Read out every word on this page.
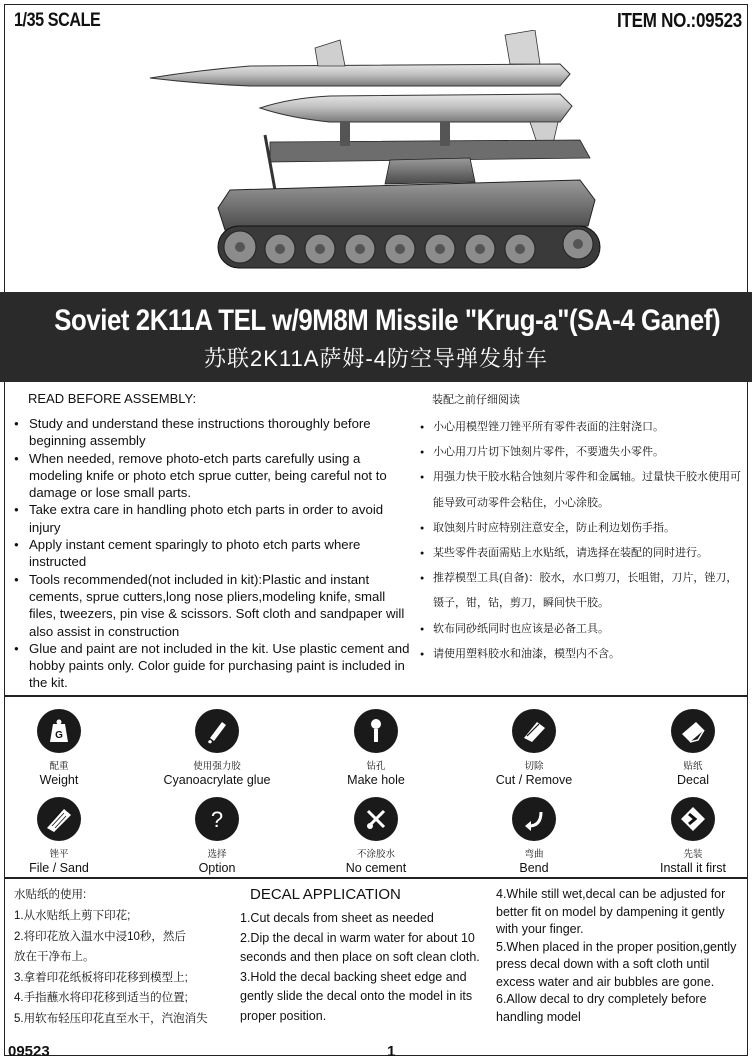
1/35 SCALE	ITEM NO.:09523
Soviet 2K11A TEL w/9M8M Missile "Krug-a"(SA-4 Ganef)
苏联2K11A萨姆-4防空导弹发射车
READ BEFORE ASSEMBLY:
● Study and understand these instructions thoroughly before beginning assembly
● When needed, remove photo-etch parts carefully using a modeling knife or photo etch sprue cutter, being careful not to damage or lose small parts.
● Take extra care in handling photo etch parts in order to avoid injury
● Apply instant cement sparingly to photo etch parts where instructed
● Tools recommended(not included in kit):Plastic and instant cements, sprue cutters,long nose pliers,modeling knife, small files, tweezers, pin vise & scissors. Soft cloth and sandpaper will also assist in construction
● Glue and paint are not included in the kit. Use plastic cement and hobby paints only. Color guide for purchasing paint is included in the kit.
装配之前仔细阅读
● 小心用模型锉刀锉平所有零件表面的注射浇口。
● 小心用刀片切下蚀刻片零件，不要遗失小零件。
● 用强力快干胶水粘合蚀刻片零件和金属轴。过量快干胶水使用可能导致可动零件会粘住，小心涂胶。
● 取蚀刻片时应特别注意安全，防止利边划伤手指。
● 某些零件表面需贴上水贴纸，请选择在装配的同时进行。
● 推荐模型工具(自备)：胶水，水口剪刀，长咀钳，刀片，锉刀，镊子，钳，钻，剪刀，瞬间快干胶。
● 软布同砂纸同时也应该是必备工具。
● 请使用塑料胶水和油漆，模型内不含。
G
配重
Weight
使用强力胶
Cyanoacrylate glue
钻孔
Make hole
切除
Cut / Remove
贴纸
Decal
锉平
File / Sand
?
选择
Option
不涂胶水
No cement
弯曲
Bend
先装
Install it first
水贴纸的使用:

1.从水贴纸上剪下印花;

2.将印花放入温水中浸10秒，然后

放在干净布上。

3.拿着印花纸板将印花移到模型上;

4.手指蘸水将印花移到适当的位置;

5.用软布轻压印花直至水干，汽泡消失

DECAL APPLICATION

1.Cut decals from sheet as needed

2.Dip the decal in warm water for about 10

seconds and then place on soft clean cloth.

3.Hold the decal backing sheet edge and

gently slide the decal onto the model in its

proper position.

4.While still wet,decal can be adjusted for

better fit on model by dampening it gently

with your finger.

5.When placed in the proper position,gently

press decal down with a soft cloth until

excess water and air bubbles are gone.

6.Allow decal to dry completely before

handling model

09523	1
